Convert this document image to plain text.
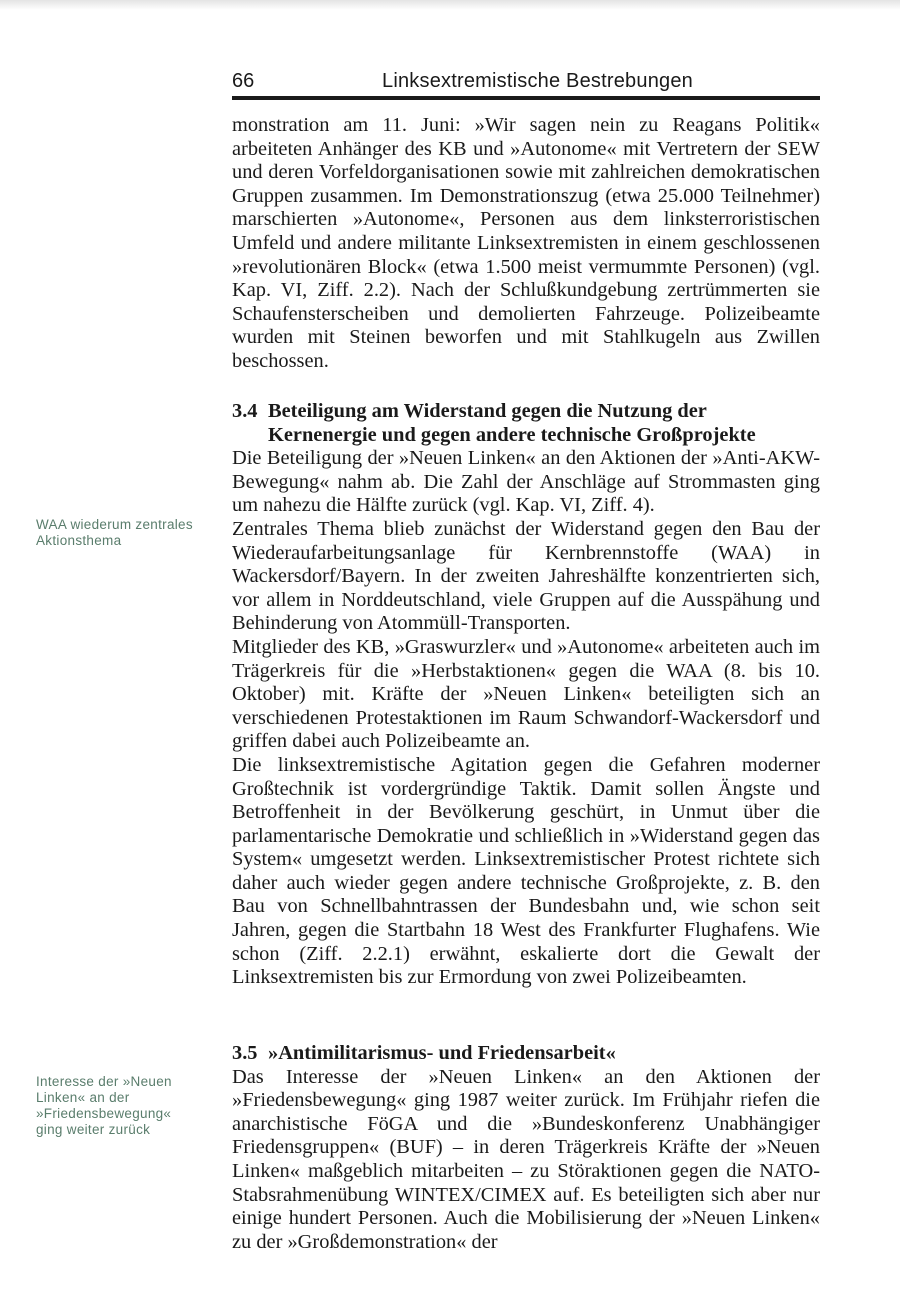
66	Linksextremistische Bestrebungen

monstration am 11. Juni: »Wir sagen nein zu Reagans Politik« arbeiteten Anhänger des KB und »Autonome« mit Vertretern der SEW und deren Vorfeldorganisationen sowie mit zahlreichen demokratischen Gruppen zusammen. Im Demonstrationszug (etwa 25.000 Teilnehmer) marschierten »Autonome«, Personen aus dem linksterroristischen Umfeld und andere militante Linksextremisten in einem geschlossenen »revolutionären Block« (etwa 1.500 meist vermummte Personen) (vgl. Kap. VI, Ziff. 2.2). Nach der Schlußkundgebung zertrümmerten sie Schaufensterscheiben und demolierten Fahrzeuge. Polizeibeamte wurden mit Steinen beworfen und mit Stahlkugeln aus Zwillen beschossen.

3.4 Beteiligung am Widerstand gegen die Nutzung der Kernenergie und gegen andere technische Großprojekte

Die Beteiligung der »Neuen Linken« an den Aktionen der »Anti-AKW-Bewegung« nahm ab. Die Zahl der Anschläge auf Strommasten ging um nahezu die Hälfte zurück (vgl. Kap. VI, Ziff. 4).

Zentrales Thema blieb zunächst der Widerstand gegen den Bau der Wiederaufarbeitungsanlage für Kernbrennstoffe (WAA) in Wackersdorf/Bayern. In der zweiten Jahreshälfte konzentrierten sich, vor allem in Norddeutschland, viele Gruppen auf die Ausspähung und Behinderung von Atommüll-Transporten.

Mitglieder des KB, »Graswurzler« und »Autonome« arbeiteten auch im Trägerkreis für die »Herbstaktionen« gegen die WAA (8. bis 10. Oktober) mit. Kräfte der »Neuen Linken« beteiligten sich an verschiedenen Protestaktionen im Raum Schwandorf-Wackersdorf und griffen dabei auch Polizeibeamte an.

Die linksextremistische Agitation gegen die Gefahren moderner Großtechnik ist vordergründige Taktik. Damit sollen Ängste und Betroffenheit in der Bevölkerung geschürt, in Unmut über die parlamentarische Demokratie und schließlich in »Widerstand gegen das System« umgesetzt werden. Linksextremistischer Protest richtete sich daher auch wieder gegen andere technische Großprojekte, z. B. den Bau von Schnellbahntrassen der Bundesbahn und, wie schon seit Jahren, gegen die Startbahn 18 West des Frankfurter Flughafens. Wie schon (Ziff. 2.2.1) erwähnt, eskalierte dort die Gewalt der Linksextremisten bis zur Ermordung von zwei Polizeibeamten.

3.5 »Antimilitarismus- und Friedensarbeit«

Das Interesse der »Neuen Linken« an den Aktionen der »Friedensbewegung« ging 1987 weiter zurück. Im Frühjahr riefen die anarchistische FöGA und die »Bundeskonferenz Unabhängiger Friedensgruppen« (BUF) – in deren Trägerkreis Kräfte der »Neuen Linken« maßgeblich mitarbeiten – zu Störaktionen gegen die NATO-Stabsrahmenübung WINTEX/CIMEX auf. Es beteiligten sich aber nur einige hundert Personen. Auch die Mobilisierung der »Neuen Linken« zu der »Großdemonstration« der

WAA wiederum zentrales Aktionsthema
Interesse der »Neuen Linken« an der »Friedensbewegung« ging weiter zurück
